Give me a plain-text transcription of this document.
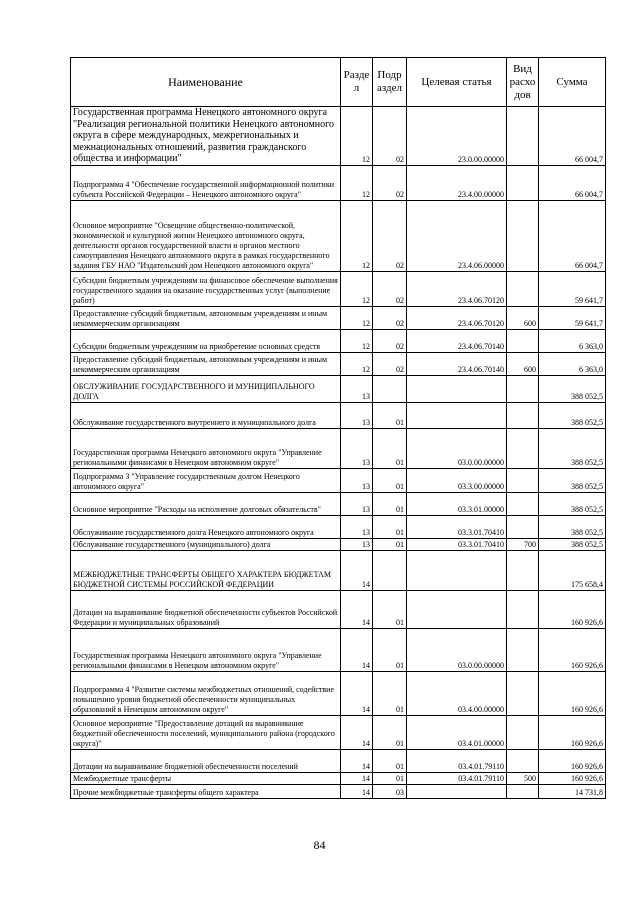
Наименование	Разде л	Подр аздел	Целевая статья	Вид расхо дов	Сумма
Государственная программа Ненецкого автономного округа "Реализация региональной политики Ненецкого автономного округа в сфере международных, межрегиональных и межнациональных отношений, развития гражданского общества и информации"	12	02	23.0.00.00000		66 004,7
Подпрограмма 4 "Обеспечение государственной информационной политики субъекта Российской Федерации – Ненецкого автономного округа"	12	02	23.4.00.00000		66 004,7
Основное мероприятие "Освещение общественно-политической, экономической и культурной жизни Ненецкого автономного округа, деятельности органов государственной власти и органов местного самоуправления Ненецкого автономного округа в рамках государственного задания ГБУ НАО "Издательский дом Ненецкого автономного округа"	12	02	23.4.06.00000		66 004,7
Субсидии бюджетным учреждениям на финансовое обеспечение выполнения государственного задания на оказание государственных услуг (выполнение работ)	12	02	23.4.06.70120		59 641,7
Предоставление субсидий бюджетным, автономным учреждениям и иным некоммерческим организациям	12	02	23.4.06.70120	600	59 641,7
Субсидии бюджетным учреждениям на приобретение основных средств	12	02	23.4.06.70140		6 363,0
Предоставление субсидий бюджетным, автономным учреждениям и иным некоммерческим организациям	12	02	23.4.06.70140	600	6 363,0
ОБСЛУЖИВАНИЕ ГОСУДАРСТВЕННОГО И МУНИЦИПАЛЬНОГО ДОЛГА	13				388 052,5
Обслуживание государственного внутреннего и муниципального долга	13	01			388 052,5
Государственная программа Ненецкого автономного округа "Управление региональными финансами в Ненецком автономном округе"	13	01	03.0.00.00000		388 052,5
Подпрограмма 3 "Управление государственным долгом Ненецкого автономного округа"	13	01	03.3.00.00000		388 052,5
Основное мероприятие "Расходы на исполнение долговых обязательств"	13	01	03.3.01.00000		388 052,5
Обслуживание государственного долга Ненецкого автономного округа	13	01	03.3.01.70410		388 052,5
Обслуживание государственного (муниципального) долга	13	01	03.3.01.70410	700	388 052,5
МЕЖБЮДЖЕТНЫЕ ТРАНСФЕРТЫ ОБЩЕГО ХАРАКТЕРА БЮДЖЕТАМ БЮДЖЕТНОЙ СИСТЕМЫ РОССИЙСКОЙ ФЕДЕРАЦИИ	14				175 658,4
Дотации на выравнивание бюджетной обеспеченности субъектов Российской Федерации и муниципальных образований	14	01			160 926,6
Государственная программа Ненецкого автономного округа "Управление региональными финансами в Ненецком автономном округе"	14	01	03.0.00.00000		160 926,6
Подпрограмма 4 "Развитие системы межбюджетных отношений, содействие повышению уровня бюджетной обеспеченности муниципальных образований в Ненецком автономном округе"	14	01	03.4.00.00000		160 926,6
Основное мероприятие "Предоставление дотаций на выравнивание бюджетной обеспеченности поселений, муниципального района (городского округа)"	14	01	03.4.01.00000		160 926,6
Дотации на выравнивание бюджетной обеспеченности поселений	14	01	03.4.01.79110		160 926,6
Межбюджетные трансферты	14	01	03.4.01.79110	500	160 926,6
Прочие межбюджетные трансферты общего характера	14	03			14 731,8
84
